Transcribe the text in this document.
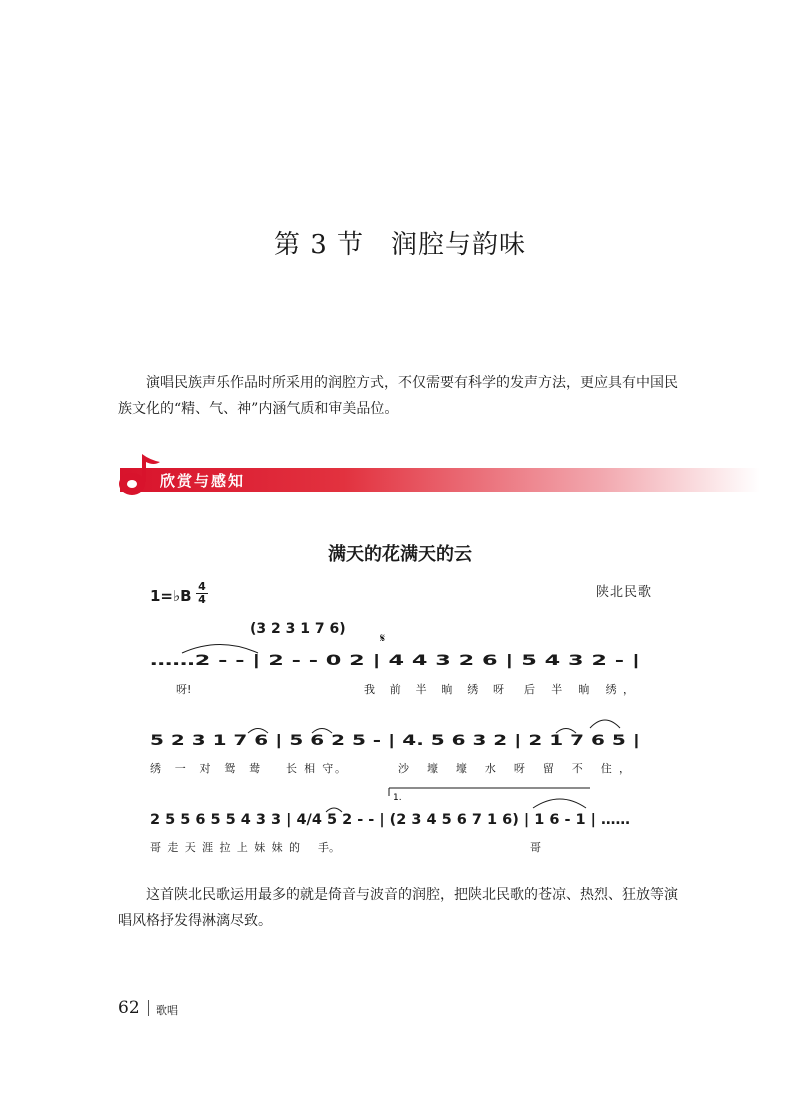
第 3 节　润腔与韵味

演唱民族声乐作品时所采用的润腔方式，不仅需要有科学的发声方法，更应具有中国民族文化的“精、气、神”内涵气质和审美品位。

欣赏与感知
满天的花满天的云
陕北民歌
1=♭B
4
4
(3 2 3 1 7 6)
𝄋
……2 - - | 2 - - 0 2 | 4 4 3 2 6 | 5 4 3 2 - |
呀!	我 前 半 晌 绣 呀 后 半 晌 绣，
5 2 3 1 7 6 | 5 6 2 5 - | 4. 5 6 3 2 | 2 1 7 6 5 |
绣 一 对 鸳 鸯 长 相 守。	沙 壕 壕 水 呀 留 不 住，
1.
2 5 5 6 5 5 4 3 3 | 4/4 5 2 - - | (2 3 4 5 6 7 1 6) | 1 6 - 1 | ……
哥 走 天 涯 拉 上 妹 妹 的 手。	哥

这首陕北民歌运用最多的就是倚音与波音的润腔，把陕北民歌的苍凉、热烈、狂放等演唱风格抒发得淋漓尽致。

62 歌唱
